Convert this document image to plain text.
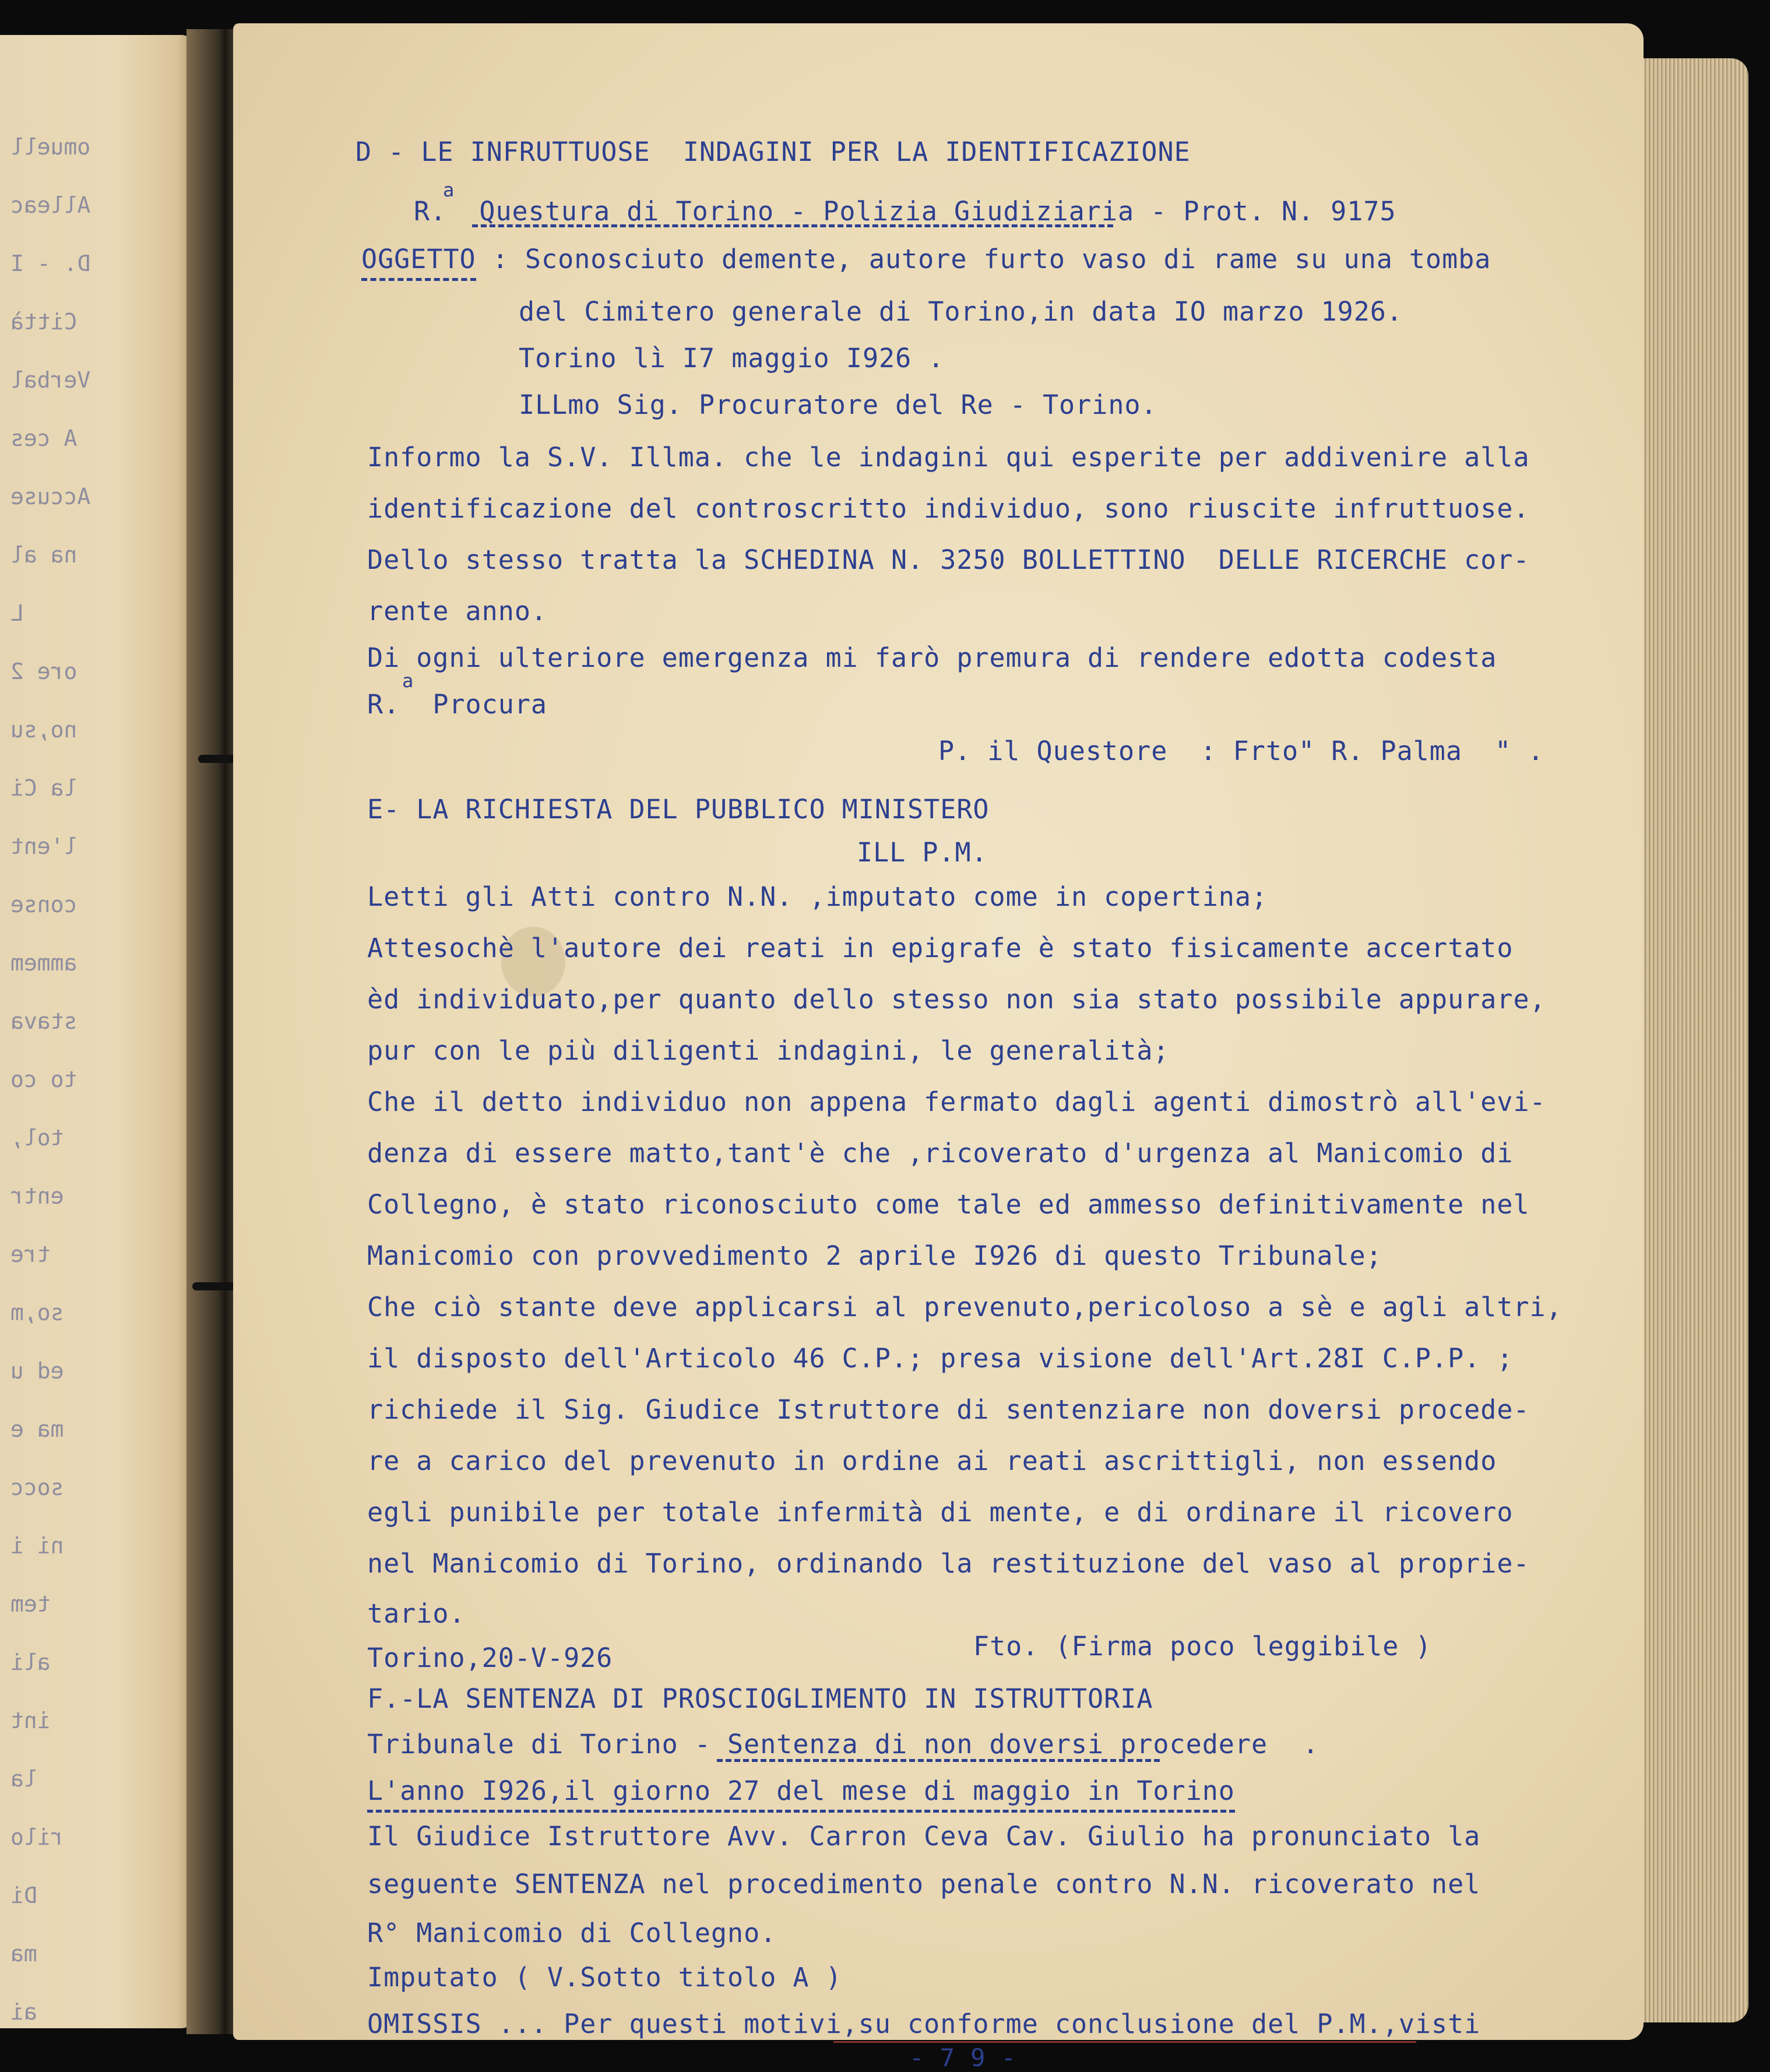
omuell
Alleac
D. - I
Città
Verbal
A ces
Accuse
na al
L
ore 2
no,su
la Ci
l'ent
conse
ammem
stava
to co
tol,
entr
tre
so,m
ed u
ma e
socc
ni i
tem
ali
int
la
rilo
Di
ma
ai
D - LE INFRUTTUOSE  INDAGINI PER LA IDENTIFICAZIONE
a
R.  Questura di Torino - Polizia Giudiziaria - Prot. N. 9175
OGGETTO : Sconosciuto demente, autore furto vaso di rame su una tomba
del Cimitero generale di Torino,in data IO marzo 1926.
Torino lì I7 maggio I926 .
ILLmo Sig. Procuratore del Re - Torino.
Informo la S.V. Illma. che le indagini qui esperite per addivenire alla
identificazione del controscritto individuo, sono riuscite infruttuose.
Dello stesso tratta la SCHEDINA N. 3250 BOLLETTINO  DELLE RICERCHE cor-
rente anno.
Di ogni ulteriore emergenza mi farò premura di rendere edotta codesta
a
R.  Procura
P. il Questore  : Frto" R. Palma  " .
E- LA RICHIESTA DEL PUBBLICO MINISTERO
ILL P.M.
Letti gli Atti contro N.N. ,imputato come in copertina;
Attesochè l'autore dei reati in epigrafe è stato fisicamente accertato
èd individuato,per quanto dello stesso non sia stato possibile appurare,
pur con le più diligenti indagini, le generalità;
Che il detto individuo non appena fermato dagli agenti dimostrò all'evi-
denza di essere matto,tant'è che ,ricoverato d'urgenza al Manicomio di
Collegno, è stato riconosciuto come tale ed ammesso definitivamente nel
Manicomio con provvedimento 2 aprile I926 di questo Tribunale;
Che ciò stante deve applicarsi al prevenuto,pericoloso a sè e agli altri,
il disposto dell'Articolo 46 C.P.; presa visione dell'Art.28I C.P.P. ;
richiede il Sig. Giudice Istruttore di sentenziare non doversi procede-
re a carico del prevenuto in ordine ai reati ascrittigli, non essendo
egli punibile per totale infermità di mente, e di ordinare il ricovero
nel Manicomio di Torino, ordinando la restituzione del vaso al proprie-
tario.
Torino,20-V-926	Fto. (Firma poco leggibile )
F.-LA SENTENZA DI PROSCIOGLIMENTO IN ISTRUTTORIA
Tribunale di Torino - Sentenza di non doversi procedere .
L'anno I926,il giorno 27 del mese di maggio in Torino
Il Giudice Istruttore Avv. Carron Ceva Cav. Giulio ha pronunciato la
seguente SENTENZA nel procedimento penale contro N.N. ricoverato nel
R° Manicomio di Collegno.
Imputato ( V.Sotto titolo A )
OMISSIS ... Per questi motivi,su conforme conclusione del P.M.,visti
- 7 9 -
